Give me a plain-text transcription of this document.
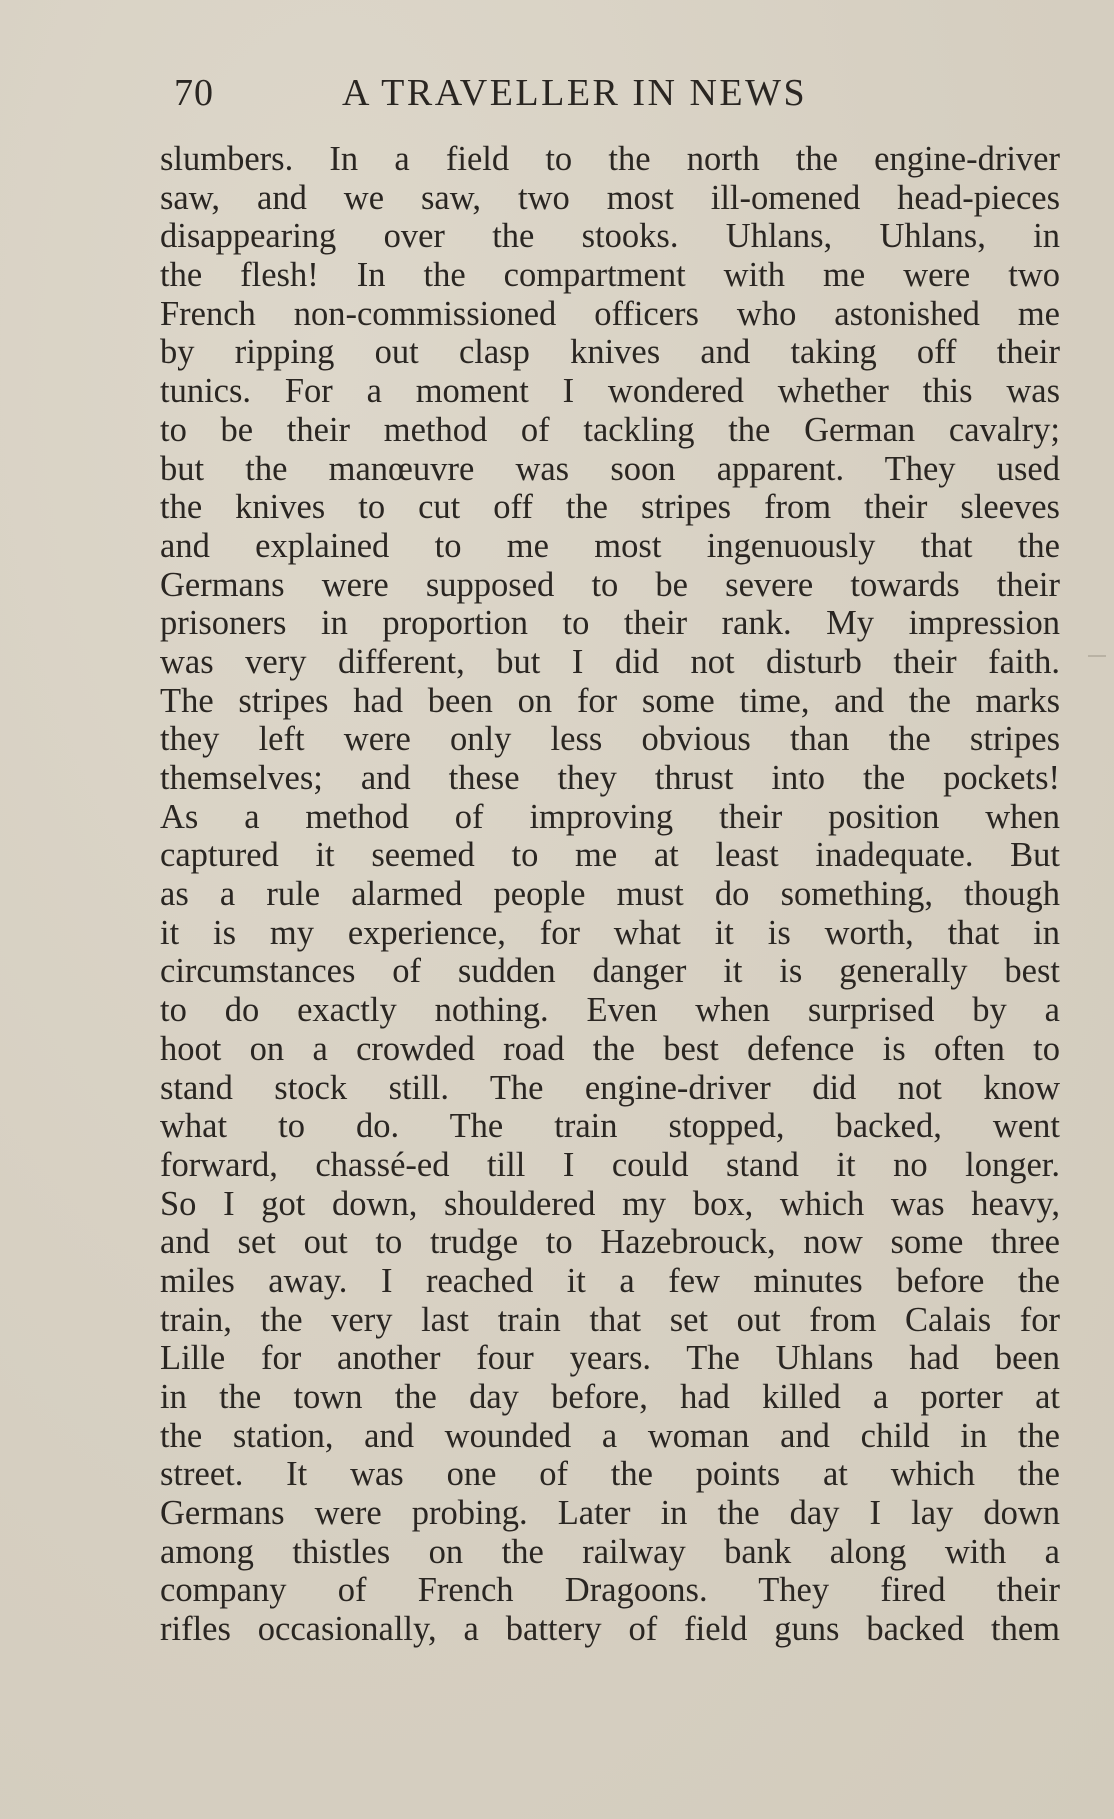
70	A TRAVELLER IN NEWS
slumbers. In a field to the north the engine-driver
saw, and we saw, two most ill-omened head-pieces
disappearing over the stooks. Uhlans, Uhlans, in
the flesh! In the compartment with me were two
French non-commissioned officers who astonished me
by ripping out clasp knives and taking off their
tunics. For a moment I wondered whether this was
to be their method of tackling the German cavalry;
but the manœuvre was soon apparent. They used
the knives to cut off the stripes from their sleeves
and explained to me most ingenuously that the
Germans were supposed to be severe towards their
prisoners in proportion to their rank. My impression
was very different, but I did not disturb their faith.
The stripes had been on for some time, and the marks
they left were only less obvious than the stripes
themselves; and these they thrust into the pockets!
As a method of improving their position when
captured it seemed to me at least inadequate. But
as a rule alarmed people must do something, though
it is my experience, for what it is worth, that in
circumstances of sudden danger it is generally best
to do exactly nothing. Even when surprised by a
hoot on a crowded road the best defence is often to
stand stock still. The engine-driver did not know
what to do. The train stopped, backed, went
forward, chassé-ed till I could stand it no longer.
So I got down, shouldered my box, which was heavy,
and set out to trudge to Hazebrouck, now some three
miles away. I reached it a few minutes before the
train, the very last train that set out from Calais for
Lille for another four years. The Uhlans had been
in the town the day before, had killed a porter at
the station, and wounded a woman and child in the
street. It was one of the points at which the
Germans were probing. Later in the day I lay down
among thistles on the railway bank along with a
company of French Dragoons. They fired their
rifles occasionally, a battery of field guns backed them
